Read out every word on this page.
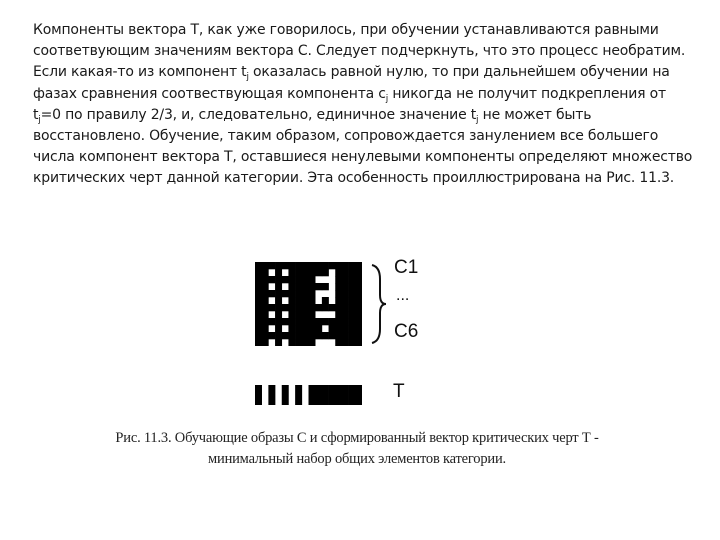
Компоненты вектора Т, как уже говорилось, при обучении устанавливаются равными соответвующим значениям вектора С. Следует подчеркнуть, что это процесс необратим. Если какая-то из компонент $t_j$ оказалась равной нулю, то при дальнейшем обучении на фазах сравнения соотвествующая компонента $c_j$ никогда не получит подкрепления от $t_j=0$ по правилу 2/3, и, следовательно, единичное значение $t_j$ не может быть восстановлено. Обучение, таким образом, сопровождается занулением все большего числа компонент вектора Т, оставшиеся ненулевыми компоненты определяют множество критических черт данной категории. Эта особенность проиллюстрирована на Рис. 11.3.

C1
...
C6
T
Рис. 11.3. Обучающие образы С и сформированный вектор критических черт Т - минимальный набор общих элементов категории.
